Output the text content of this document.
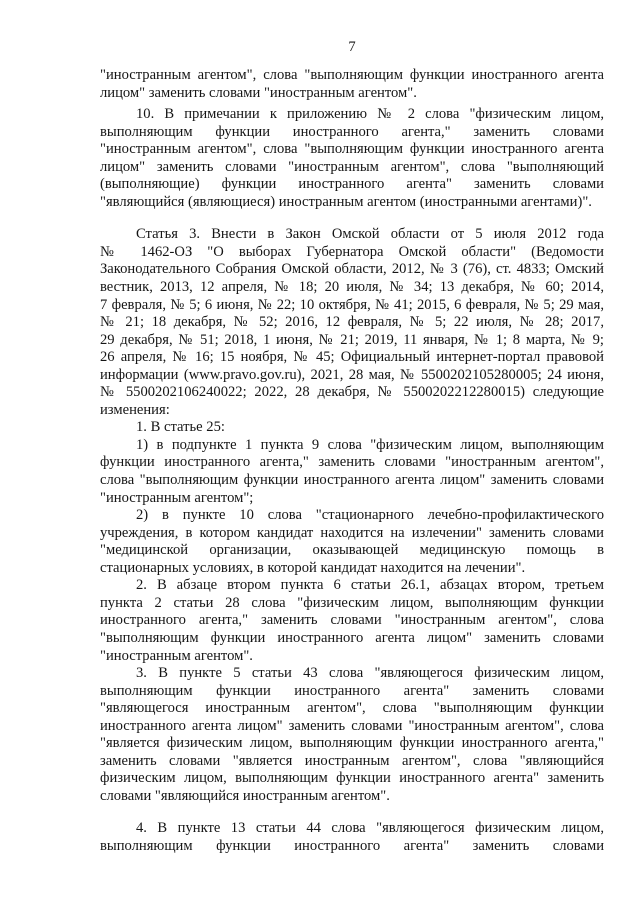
7
"иностранным агентом", слова "выполняющим функции иностранного агента
лицом" заменить словами "иностранным агентом".
10. В примечании к приложению № 2 слова "физическим лицом,
выполняющим функции иностранного агента," заменить словами
"иностранным агентом", слова "выполняющим функции иностранного агента
лицом" заменить словами "иностранным агентом", слова "выполняющий
(выполняющие) функции иностранного агента" заменить словами
"являющийся (являющиеся) иностранным агентом (иностранными агентами)".
Статья 3. Внести в Закон Омской области от 5 июля 2012 года
№ 1462-ОЗ "О выборах Губернатора Омской области" (Ведомости
Законодательного Собрания Омской области, 2012, № 3 (76), ст. 4833; Омский
вестник, 2013, 12 апреля, № 18; 20 июля, № 34; 13 декабря, № 60; 2014,
7 февраля, № 5; 6 июня, № 22; 10 октября, № 41; 2015, 6 февраля, № 5; 29 мая,
№ 21; 18 декабря, № 52; 2016, 12 февраля, № 5; 22 июля, № 28; 2017,
29 декабря, № 51; 2018, 1 июня, № 21; 2019, 11 января, № 1; 8 марта, № 9;
26 апреля, № 16; 15 ноября, № 45; Официальный интернет-портал правовой
информации (www.pravo.gov.ru), 2021, 28 мая, № 5500202105280005; 24 июня,
№ 5500202106240022; 2022, 28 декабря, № 5500202212280015) следующие
изменения:
1. В статье 25:
1) в подпункте 1 пункта 9 слова "физическим лицом, выполняющим
функции иностранного агента," заменить словами "иностранным агентом",
слова "выполняющим функции иностранного агента лицом" заменить словами
"иностранным агентом";
2) в пункте 10 слова "стационарного лечебно-профилактического
учреждения, в котором кандидат находится на излечении" заменить словами
"медицинской организации, оказывающей медицинскую помощь в
стационарных условиях, в которой кандидат находится на лечении".
2. В абзаце втором пункта 6 статьи 26.1, абзацах втором, третьем
пункта 2 статьи 28 слова "физическим лицом, выполняющим функции
иностранного агента," заменить словами "иностранным агентом", слова
"выполняющим функции иностранного агента лицом" заменить словами
"иностранным агентом".
3. В пункте 5 статьи 43 слова "являющегося физическим лицом,
выполняющим функции иностранного агента" заменить словами
"являющегося иностранным агентом", слова "выполняющим функции
иностранного агента лицом" заменить словами "иностранным агентом", слова
"является физическим лицом, выполняющим функции иностранного агента,"
заменить словами "является иностранным агентом", слова "являющийся
физическим лицом, выполняющим функции иностранного агента" заменить
словами "являющийся иностранным агентом".
4. В пункте 13 статьи 44 слова "являющегося физическим лицом,
выполняющим функции иностранного агента" заменить словами
